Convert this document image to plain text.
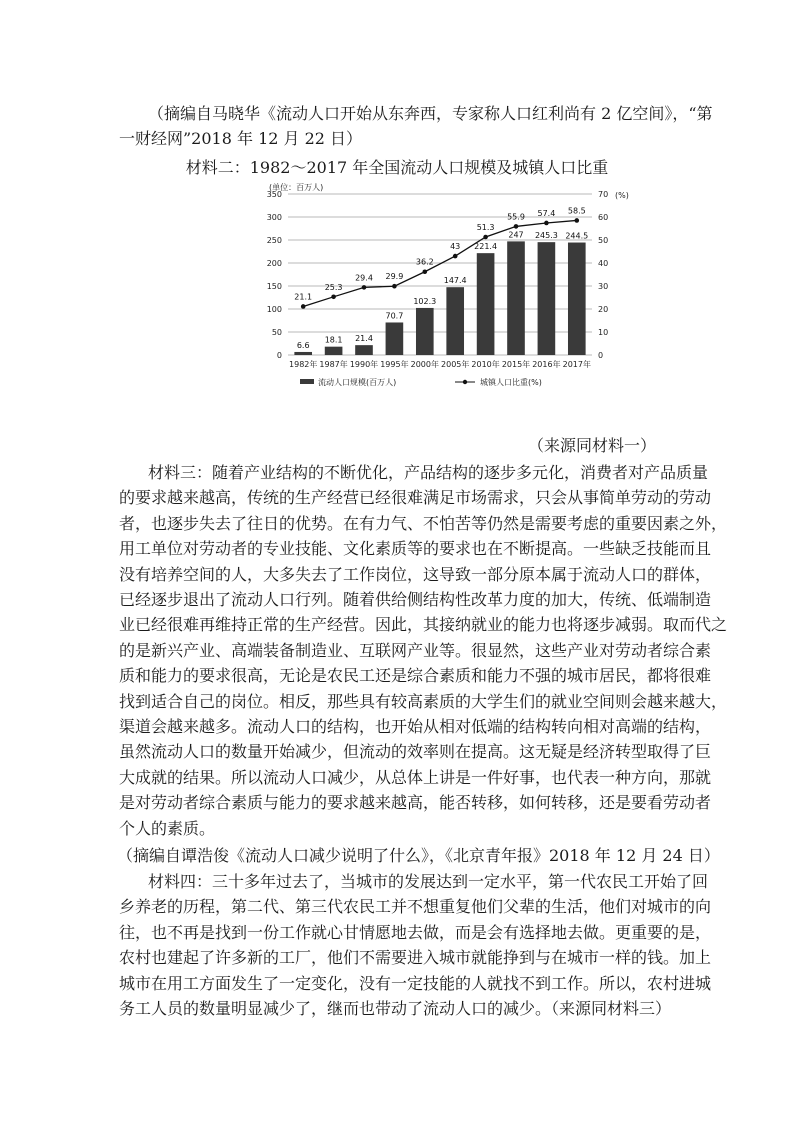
（摘编自马晓华《流动人口开始从东奔西，专家称人口红利尚有 2 亿空间》，“第
一财经网”2018 年 12 月 22 日）
材料二：1982～2017 年全国流动人口规模及城镇人口比重
(单位：百万人)
(%)
350
300
250
200
150
100
50
0
70
60
50
40
30
20
10
0
6.6
1982年
18.1
1987年
21.4
1990年
70.7
1995年
102.3
2000年
147.4
2005年
221.4
2010年
247
2015年
245.3
2016年
244.5
2017年
21.1
25.3
29.4 29.9
36.2
43
51.3
55.9 57.4 58.5
流动人口规模(百万人)	城镇人口比重(%)
（来源同材料一）
材料三：随着产业结构的不断优化，产品结构的逐步多元化，消费者对产品质量
的要求越来越高，传统的生产经营已经很难满足市场需求，只会从事简单劳动的劳动
者，也逐步失去了往日的优势。在有力气、不怕苦等仍然是需要考虑的重要因素之外，
用工单位对劳动者的专业技能、文化素质等的要求也在不断提高。一些缺乏技能而且
没有培养空间的人，大多失去了工作岗位，这导致一部分原本属于流动人口的群体，
已经逐步退出了流动人口行列。随着供给侧结构性改革力度的加大，传统、低端制造
业已经很难再维持正常的生产经营。因此，其接纳就业的能力也将逐步减弱。取而代之
的是新兴产业、高端装备制造业、互联网产业等。很显然，这些产业对劳动者综合素
质和能力的要求很高，无论是农民工还是综合素质和能力不强的城市居民，都将很难
找到适合自己的岗位。相反，那些具有较高素质的大学生们的就业空间则会越来越大，
渠道会越来越多。流动人口的结构，也开始从相对低端的结构转向相对高端的结构，
虽然流动人口的数量开始减少，但流动的效率则在提高。这无疑是经济转型取得了巨
大成就的结果。所以流动人口减少，从总体上讲是一件好事，也代表一种方向，那就
是对劳动者综合素质与能力的要求越来越高，能否转移，如何转移，还是要看劳动者
个人的素质。
（摘编自谭浩俊《流动人口减少说明了什么》，《北京青年报》2018 年 12 月 24 日）
材料四：三十多年过去了，当城市的发展达到一定水平，第一代农民工开始了回
乡养老的历程，第二代、第三代农民工并不想重复他们父辈的生活，他们对城市的向
往，也不再是找到一份工作就心甘情愿地去做，而是会有选择地去做。更重要的是，
农村也建起了许多新的工厂，他们不需要进入城市就能挣到与在城市一样的钱。加上
城市在用工方面发生了一定变化，没有一定技能的人就找不到工作。所以，农村进城
务工人员的数量明显减少了，继而也带动了流动人口的减少。（来源同材料三）
